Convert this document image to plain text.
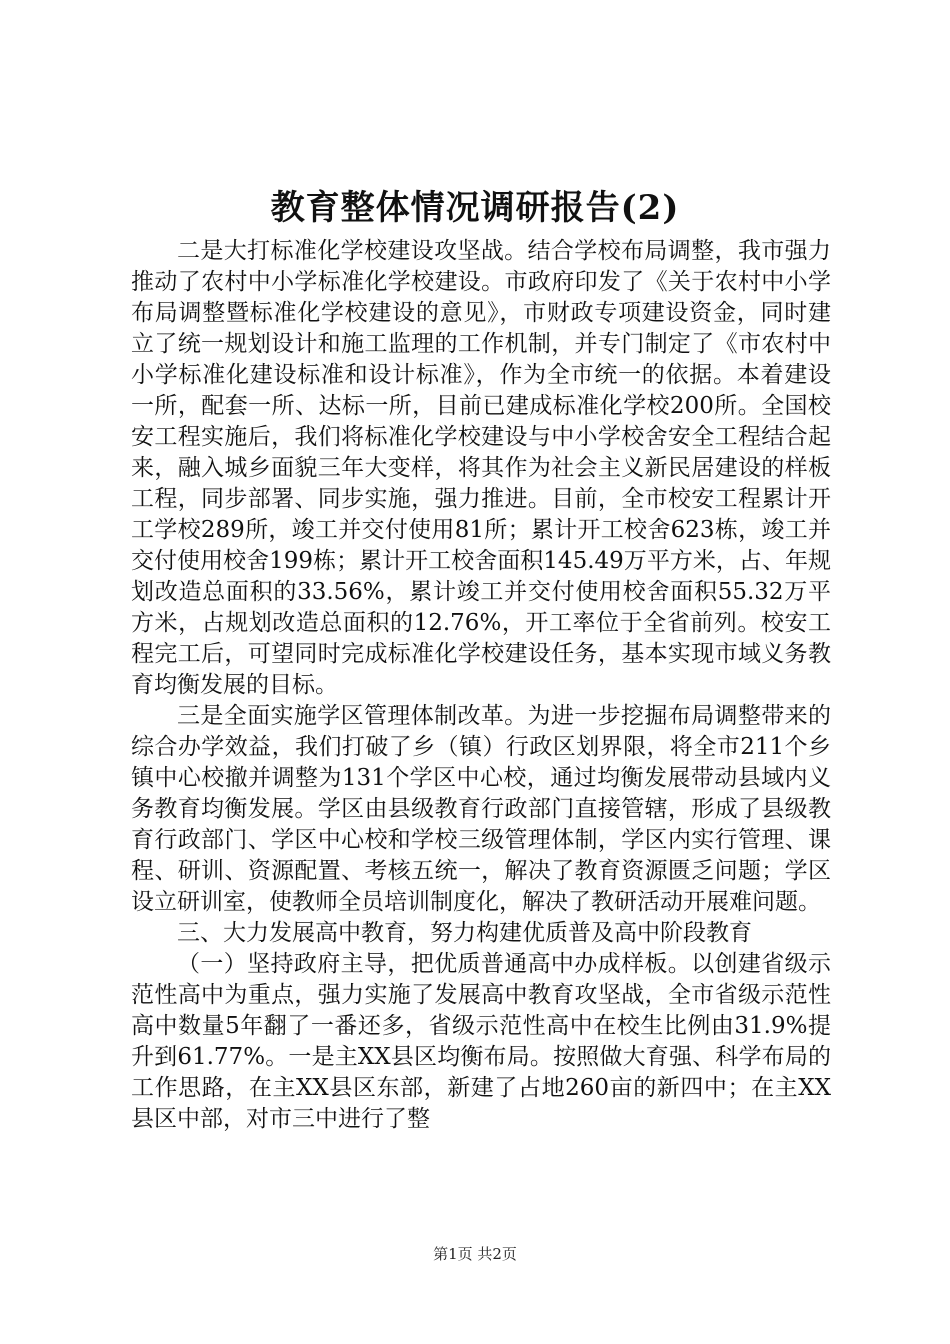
教育整体情况调研报告(2)

二是大打标准化学校建设攻坚战。结合学校布局调整，我市强力推动了农村中小学标准化学校建设。市政府印发了《关于农村中小学布局调整暨标准化学校建设的意见》，市财政专项建设资金，同时建立了统一规划设计和施工监理的工作机制，并专门制定了《市农村中小学标准化建设标准和设计标准》，作为全市统一的依据。本着建设一所，配套一所、达标一所，目前已建成标准化学校200所。全国校安工程实施后，我们将标准化学校建设与中小学校舍安全工程结合起来，融入城乡面貌三年大变样，将其作为社会主义新民居建设的样板工程，同步部署、同步实施，强力推进。目前，全市校安工程累计开工学校289所，竣工并交付使用81所；累计开工校舍623栋，竣工并交付使用校舍199栋；累计开工校舍面积145.49万平方米，占、年规划改造总面积的33.56%，累计竣工并交付使用校舍面积55.32万平方米，占规划改造总面积的12.76%，开工率位于全省前列。校安工程完工后，可望同时完成标准化学校建设任务，基本实现市域义务教育均衡发展的目标。

三是全面实施学区管理体制改革。为进一步挖掘布局调整带来的综合办学效益，我们打破了乡（镇）行政区划界限，将全市211个乡镇中心校撤并调整为131个学区中心校，通过均衡发展带动县域内义务教育均衡发展。学区由县级教育行政部门直接管辖，形成了县级教育行政部门、学区中心校和学校三级管理体制，学区内实行管理、课程、研训、资源配置、考核五统一，解决了教育资源匮乏问题；学区设立研训室，使教师全员培训制度化，解决了教研活动开展难问题。

三、大力发展高中教育，努力构建优质普及高中阶段教育

（一）坚持政府主导，把优质普通高中办成样板。以创建省级示范性高中为重点，强力实施了发展高中教育攻坚战，全市省级示范性高中数量5年翻了一番还多，省级示范性高中在校生比例由31.9%提升到61.77%。一是主XX县区均衡布局。按照做大育强、科学布局的工作思路，在主XX县区东部，新建了占地260亩的新四中；在主XX县区中部，对市三中进行了整

第1页 共2页
